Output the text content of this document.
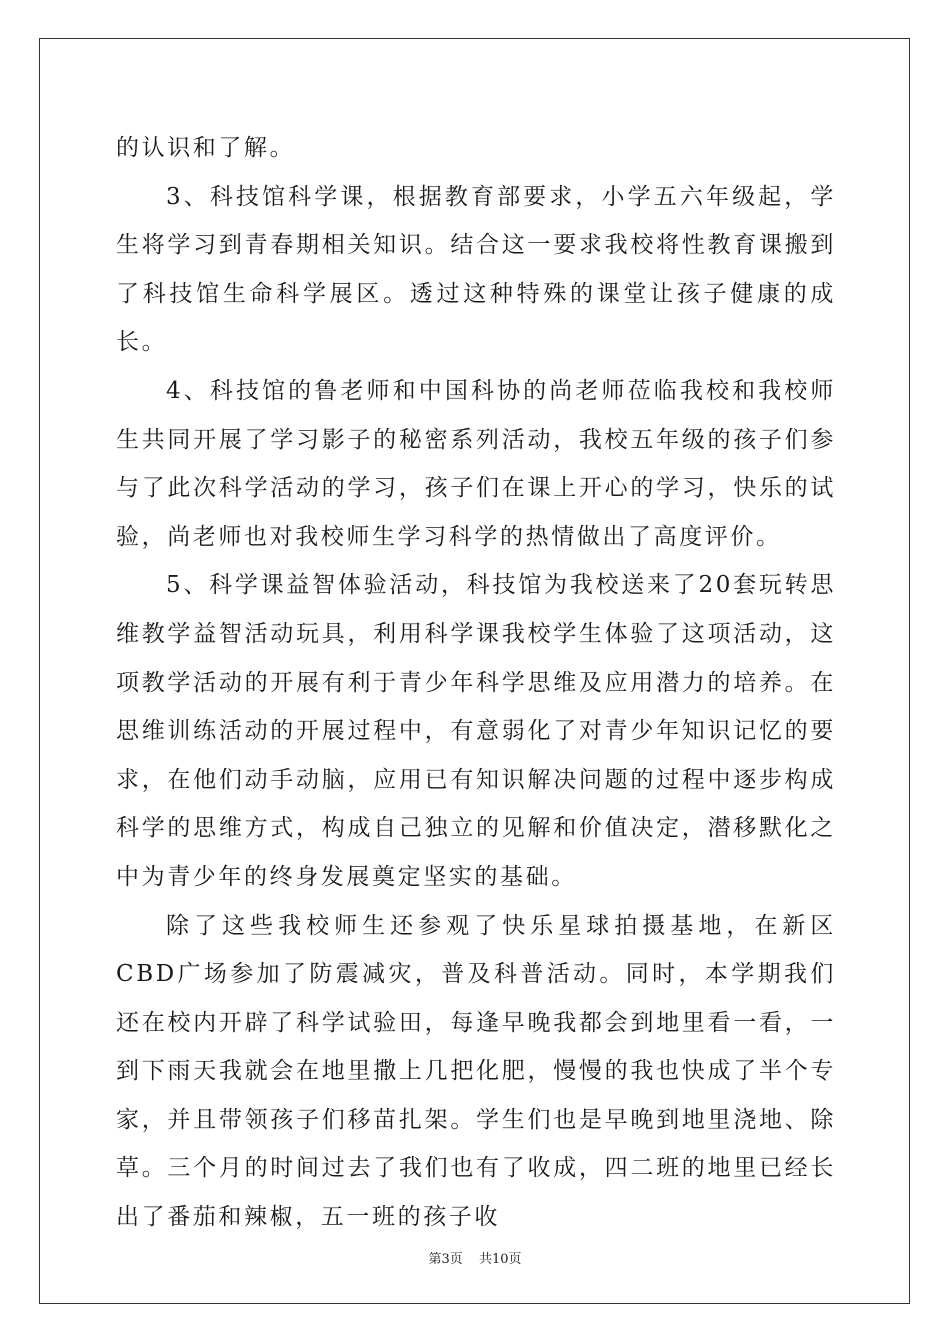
的认识和了解。

3、科技馆科学课，根据教育部要求，小学五六年级起，学生将学习到青春期相关知识。结合这一要求我校将性教育课搬到了科技馆生命科学展区。透过这种特殊的课堂让孩子健康的成长。

4、科技馆的鲁老师和中国科协的尚老师莅临我校和我校师生共同开展了学习影子的秘密系列活动，我校五年级的孩子们参与了此次科学活动的学习，孩子们在课上开心的学习，快乐的试验，尚老师也对我校师生学习科学的热情做出了高度评价。

5、科学课益智体验活动，科技馆为我校送来了20套玩转思维教学益智活动玩具，利用科学课我校学生体验了这项活动，这项教学活动的开展有利于青少年科学思维及应用潜力的培养。在思维训练活动的开展过程中，有意弱化了对青少年知识记忆的要求，在他们动手动脑，应用已有知识解决问题的过程中逐步构成科学的思维方式，构成自己独立的见解和价值决定，潜移默化之中为青少年的终身发展奠定坚实的基础。

除了这些我校师生还参观了快乐星球拍摄基地，在新区CBD广场参加了防震减灾，普及科普活动。同时，本学期我们还在校内开辟了科学试验田，每逢早晚我都会到地里看一看，一到下雨天我就会在地里撒上几把化肥，慢慢的我也快成了半个专家，并且带领孩子们移苗扎架。学生们也是早晚到地里浇地、除草。三个月的时间过去了我们也有了收成，四二班的地里已经长出了番茄和辣椒，五一班的孩子收

第3页 共10页
